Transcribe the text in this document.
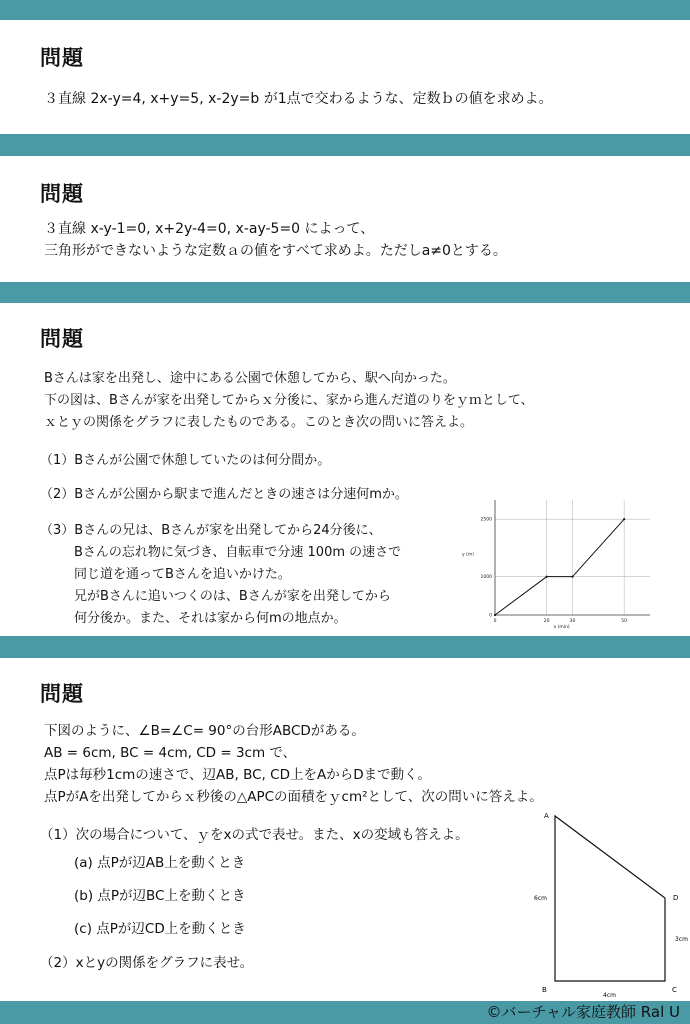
問題
３直線 2x-y=4, x+y=5, x-2y=b が1点で交わるような、定数ｂの値を求めよ。
問題
３直線 x-y-1=0, x+2y-4=0, x-ay-5=0 によって、
三角形ができないような定数ａの値をすべて求めよ。ただしa≠0とする。
問題
Bさんは家を出発し、途中にある公園で休憩してから、駅へ向かった。
下の図は、Bさんが家を出発してからｘ分後に、家から進んだ道のりをｙｍとして、
ｘとｙの関係をグラフに表したものである。このとき次の問いに答えよ。
（1）Bさんが公園で休憩していたのは何分間か。
（2）Bさんが公園から駅まで進んだときの速さは分速何mか。
（3）Bさんの兄は、Bさんが家を出発してから24分後に、
Bさんの忘れ物に気づき、自転車で分速 100m の速さで
同じ道を通ってBさんを追いかけた。
兄がBさんに追いつくのは、Bさんが家を出発してから
何分後か。また、それは家から何mの地点か。	0	20	30	50
0
1000
2500
x (min)
y (m)
問題
下図のように、∠B=∠C= 90°の台形ABCDがある。
AB = 6cm, BC = 4cm, CD = 3cm で、
点Pは毎秒1cmの速さで、辺AB, BC, CD上をAからDまで動く。
点PがAを出発してからｘ秒後の△APCの面積をｙcm²として、次の問いに答えよ。
（1）次の場合について、ｙをxの式で表せ。また、xの変域も答えよ。
(a) 点Pが辺AB上を動くとき
(b) 点Pが辺BC上を動くとき
(c) 点Pが辺CD上を動くとき
（2）xとyの関係をグラフに表せ。
A
B	C
D
6cm
4cm
3cm
©バーチャル家庭教師 Ral U
